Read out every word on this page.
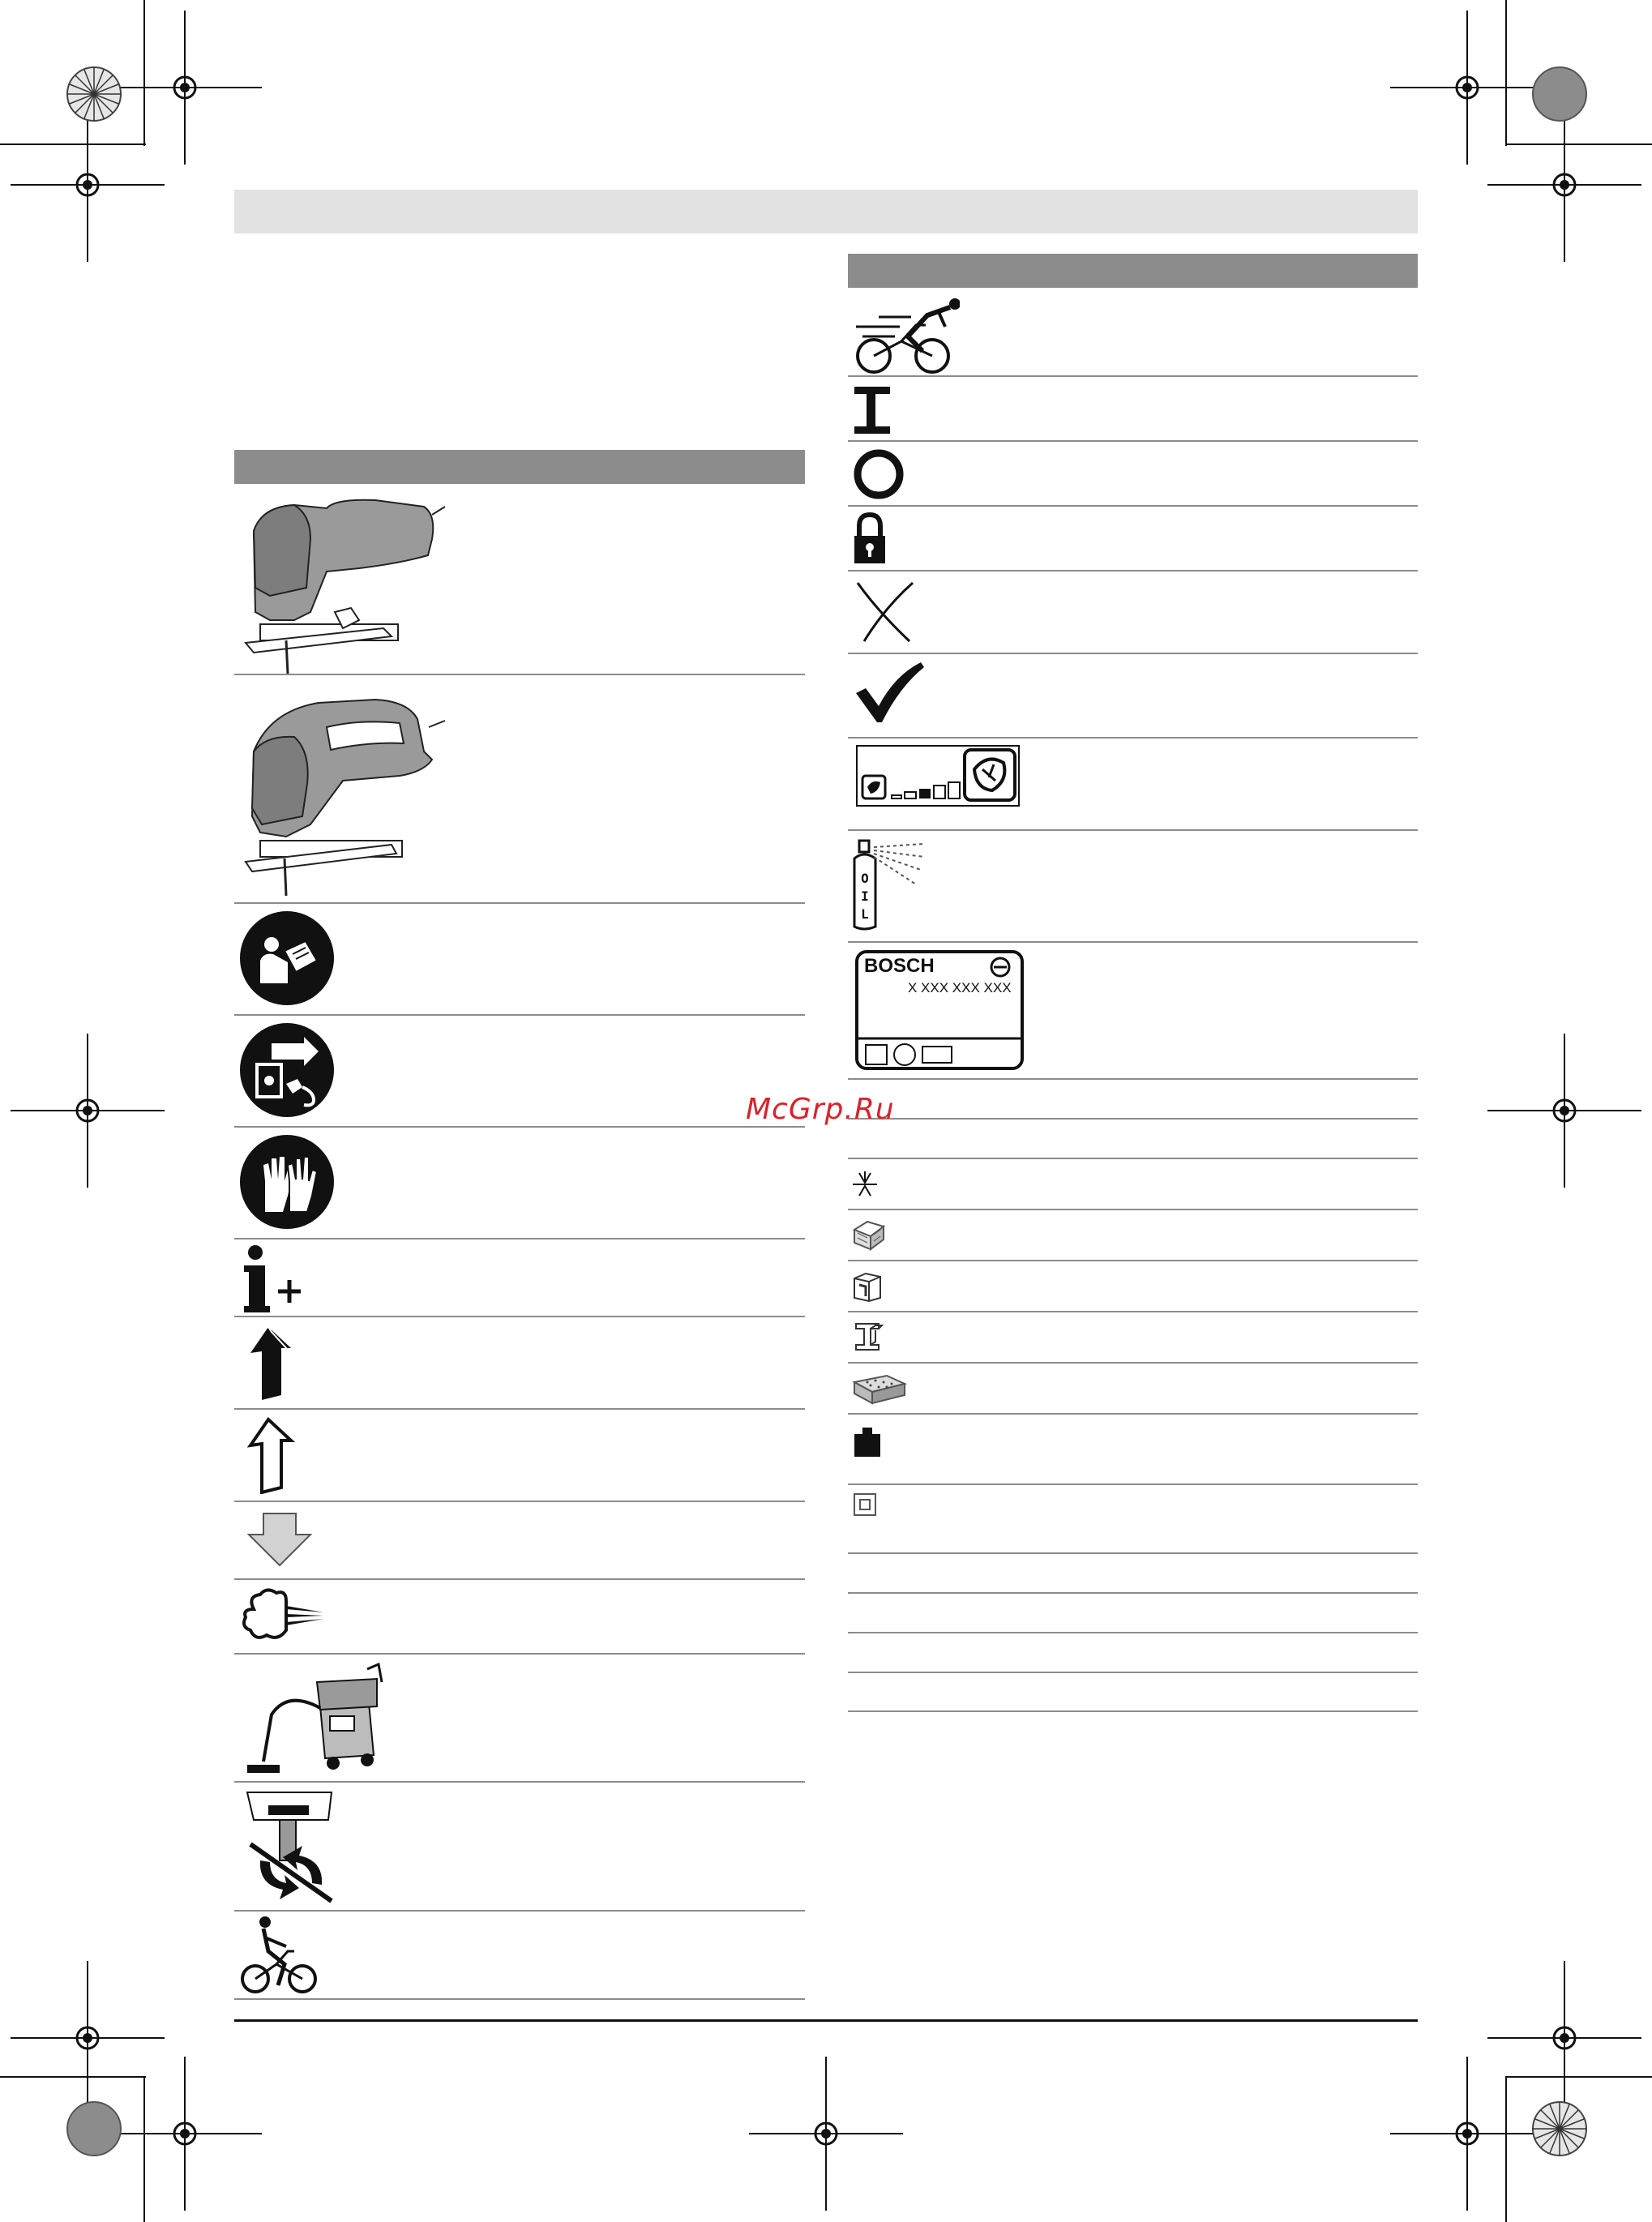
O
I
L
BOSCH
X XXX XXX XXX
McGrp.Ru
